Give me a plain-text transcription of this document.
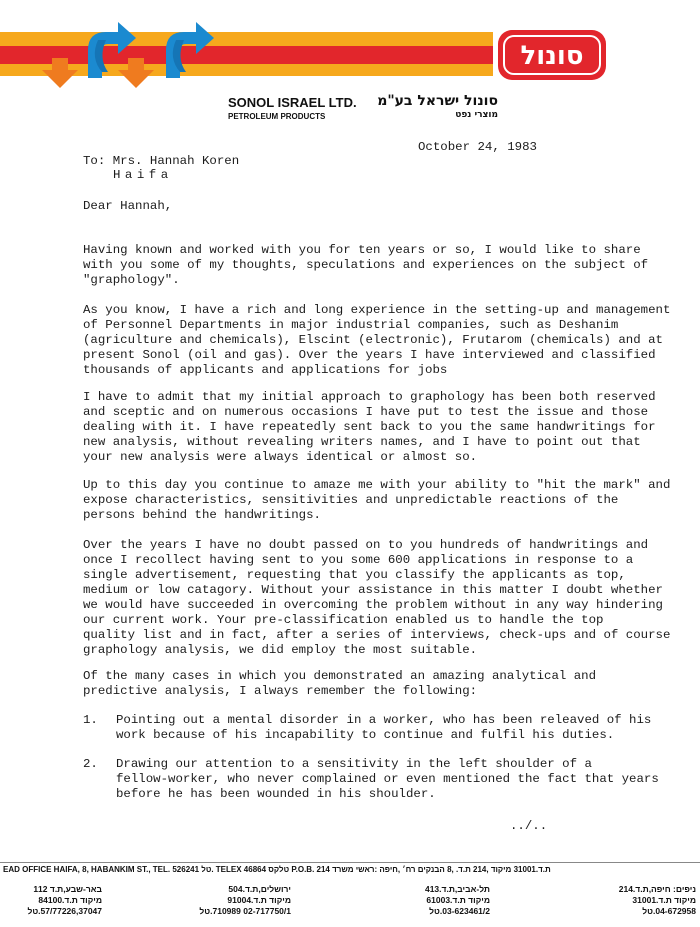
סונול
SONOL ISRAEL LTD.
PETROLEUM PRODUCTS
סונול ישראל בע"מ
מוצרי נפט
October 24, 1983
To: Mrs. Hannah Koren
Haifa
Dear Hannah,
Having known and worked with you for ten years or so, I would like to share
with you some of my thoughts, speculations and experiences on the subject of
"graphology".
As you know, I have a rich and long experience in the setting-up and management
of Personnel Departments in major industrial companies, such as Deshanim
(agriculture and chemicals), Elscint (electronic), Frutarom (chemicals) and at
present Sonol (oil and gas). Over the years I have interviewed and classified
thousands of applicants and applications for jobs
I have to admit that my initial approach to graphology has been both reserved
and sceptic and on numerous occasions I have put to test the issue and those
dealing with it. I have repeatedly sent back to you the same handwritings for
new analysis, without revealing writers names, and I have to point out that
your new analysis were always identical or almost so.
Up to this day you continue to amaze me with your ability to "hit the mark" and
expose characteristics, sensitivities and unpredictable reactions of the
persons behind the handwritings.
Over the years I have no doubt passed on to you hundreds of handwritings and
once I recollect having sent to you some 600 applications in response to a
single advertisement, requesting that you classify the applicants as top,
medium or low catagory. Without your assistance in this matter I doubt whether
we would have succeeded in overcoming the problem without in any way hindering
our current work. Your pre-classification enabled us to handle the top
quality list and in fact, after a series of interviews, check-ups and of course
graphology analysis, we did employ the most suitable.
Of the many cases in which you demonstrated an amazing analytical and
predictive analysis, I always remember the following:
1. Pointing out a mental disorder in a worker, who has been releaved of his
work because of his incapability to continue and fulfil his duties.
2. Drawing our attention to a sensitivity in the left shoulder of a
fellow-worker, who never complained or even mentioned the fact that years
before he has been wounded in his shoulder.
../..
EAD OFFICE HAIFA, 8, HABANKIM ST., TEL. 526241 טל. TELEX 46864 טלקס P.O.B. 214 ת.ד.31001 מיקוד ,214 ת.ד. ,8 הבנקים רח׳ ,חיפה :ראשי משרד
באר-שבע,ת.ד 112
מיקוד ת.ד.84100
57/77226,37047.טל
ירושלים,ת.ד.504
מיקוד ת.ד.91004
02-717750/1 710989.טל
תל-אביב,ת.ד.413
מיקוד ת.ד.61003
03-623461/2.טל
ניפים: חיפה,ת.ד.214
מיקוד ת.ד.31001
04-672958.טל
